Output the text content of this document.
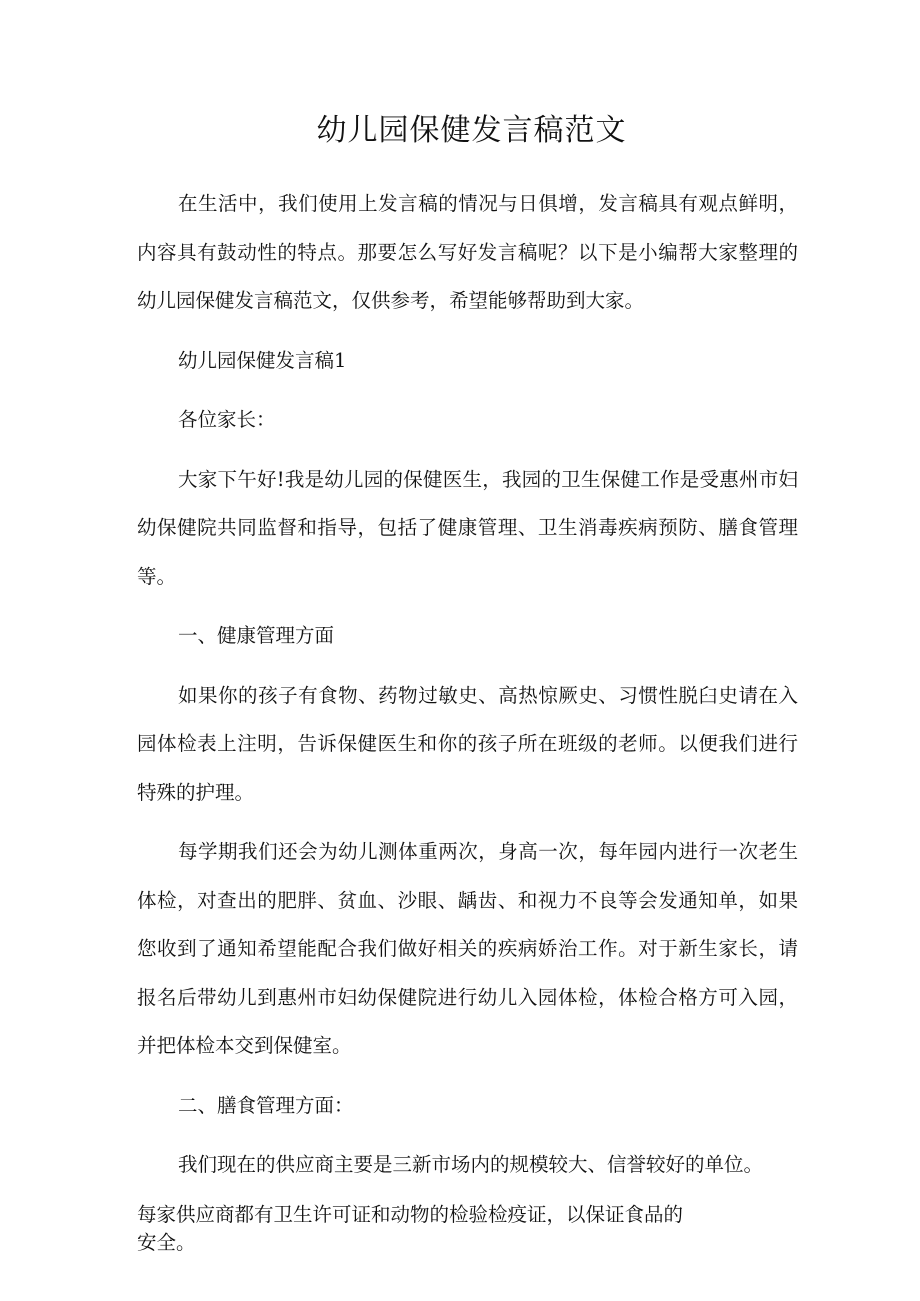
幼儿园保健发言稿范文

在生活中，我们使用上发言稿的情况与日俱增，发言稿具有观点鲜明，内容具有鼓动性的特点。那要怎么写好发言稿呢？以下是小编帮大家整理的幼儿园保健发言稿范文，仅供参考，希望能够帮助到大家。

幼儿园保健发言稿1

各位家长：

大家下午好!我是幼儿园的保健医生，我园的卫生保健工作是受惠州市妇幼保健院共同监督和指导，包括了健康管理、卫生消毒疾病预防、膳食管理等。

一、健康管理方面

如果你的孩子有食物、药物过敏史、高热惊厥史、习惯性脱臼史请在入园体检表上注明，告诉保健医生和你的孩子所在班级的老师。以便我们进行特殊的护理。

每学期我们还会为幼儿测体重两次，身高一次，每年园内进行一次老生体检，对查出的肥胖、贫血、沙眼、龋齿、和视力不良等会发通知单，如果您收到了通知希望能配合我们做好相关的疾病娇治工作。对于新生家长，请报名后带幼儿到惠州市妇幼保健院进行幼儿入园体检，体检合格方可入园，并把体检本交到保健室。

二、膳食管理方面：

我们现在的供应商主要是三新市场内的规模较大、信誉较好的单位。

每家供应商都有卫生许可证和动物的检验检疫证，以保证食品的安全。
